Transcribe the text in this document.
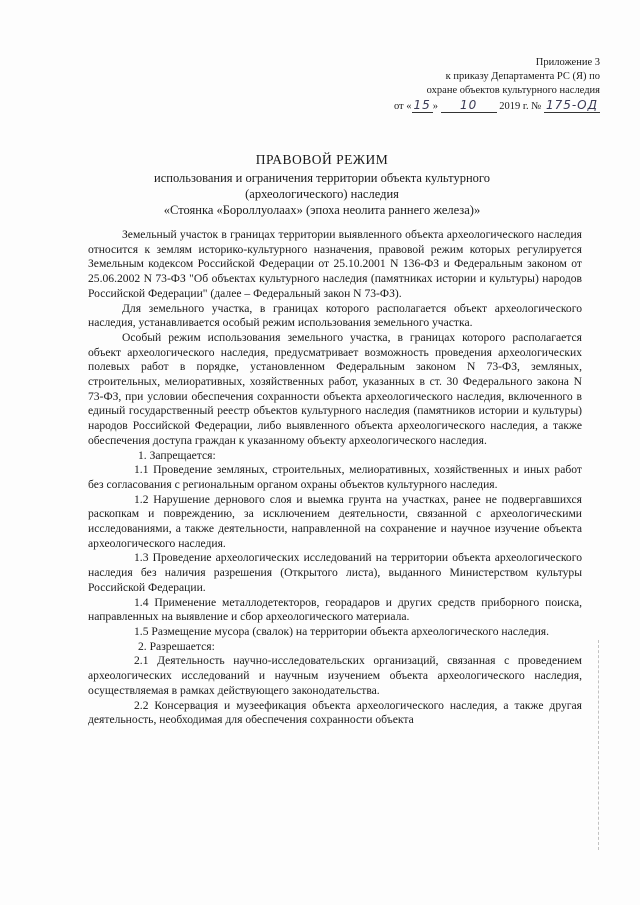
Приложение 3
к приказу Департамента РС (Я) по
охране объектов культурного наследия
от « 15 » 10 2019 г. № 175-ОД
ПРАВОВОЙ РЕЖИМ
использования и ограничения территории объекта культурного
(археологического) наследия
«Стоянка «Бороллуолаах» (эпоха неолита раннего железа)»

Земельный участок в границах территории выявленного объекта археологического наследия относится к землям историко-культурного назначения, правовой режим которых регулируется Земельным кодексом Российской Федерации от 25.10.2001 N 136-ФЗ и Федеральным законом от 25.06.2002 N 73-ФЗ "Об объектах культурного наследия (памятниках истории и культуры) народов Российской Федерации" (далее – Федеральный закон N 73-ФЗ).

Для земельного участка, в границах которого располагается объект археологического наследия, устанавливается особый режим использования земельного участка.

Особый режим использования земельного участка, в границах которого располагается объект археологического наследия, предусматривает возможность проведения археологических полевых работ в порядке, установленном Федеральным законом N 73-ФЗ, земляных, строительных, мелиоративных, хозяйственных работ, указанных в ст. 30 Федерального закона N 73-ФЗ, при условии обеспечения сохранности объекта археологического наследия, включенного в единый государственный реестр объектов культурного наследия (памятников истории и культуры) народов Российской Федерации, либо выявленного объекта археологического наследия, а также обеспечения доступа граждан к указанному объекту археологического наследия.

1. Запрещается:

1.1 Проведение земляных, строительных, мелиоративных, хозяйственных и иных работ без согласования с региональным органом охраны объектов культурного наследия.

1.2 Нарушение дернового слоя и выемка грунта на участках, ранее не подвергавшихся раскопкам и повреждению, за исключением деятельности, связанной с археологическими исследованиями, а также деятельности, направленной на сохранение и научное изучение объекта археологического наследия.

1.3 Проведение археологических исследований на территории объекта археологического наследия без наличия разрешения (Открытого листа), выданного Министерством культуры Российской Федерации.

1.4 Применение металлодетекторов, георадаров и других средств приборного поиска, направленных на выявление и сбор археологического материала.

1.5 Размещение мусора (свалок) на территории объекта археологического наследия.

2. Разрешается:

2.1 Деятельность научно-исследовательских организаций, связанная с проведением археологических исследований и научным изучением объекта археологического наследия, осуществляемая в рамках действующего законодательства.

2.2 Консервация и музеефикация объекта археологического наследия, а также другая деятельность, необходимая для обеспечения сохранности объекта
